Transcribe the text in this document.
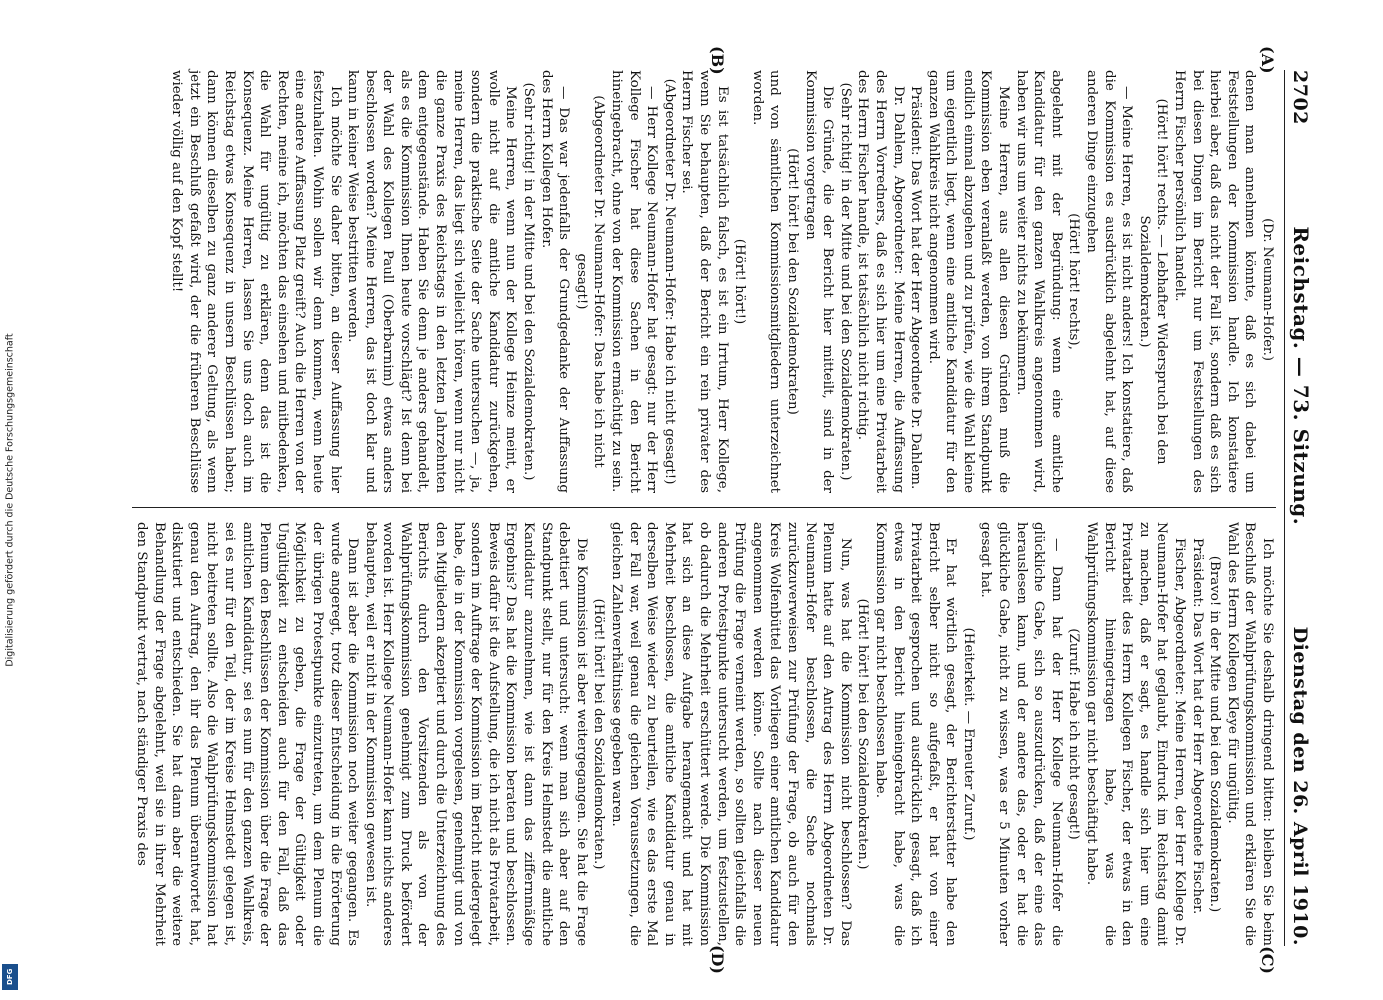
Digitalisierung gefördert durch die Deutsche Forschungsgemeinschaft
DFG
2702
Reichstag. — 73. Sitzung.
Dienstag den 26. April 1910.
(A)
(B)
(C)
(D)

(Dr. Neumann-Hofer.)

denen man annehmen könnte, daß es sich dabei um Feststellungen der Kommission handle. Ich konstatiere hierbei aber, daß das nicht der Fall ist, sondern daß es sich bei diesen Dingen im Bericht nur um Feststellungen des Herrn Fischer persönlich handelt.

(Hört! hört! rechts. — Lebhafter Widerspruch bei den Sozialdemokraten.)

— Meine Herren, es ist nicht anders! Ich konstatiere, daß die Kommission es ausdrücklich abgelehnt hat, auf diese anderen Dinge einzugehen

(Hört! hört! rechts),

abgelehnt mit der Begründung: wenn eine amtliche Kandidatur für den ganzen Wahlkreis angenommen wird, haben wir uns um weiter nichts zu bekümmern.

Meine Herren, aus allen diesen Gründen muß die Kommission eben veranlaßt werden, von ihrem Standpunkt endlich einmal abzugehen und zu prüfen, wie die Wahl kleine um eigentlich liegt, wenn eine amtliche Kandidatur für den ganzen Wahlkreis nicht angenommen wird.

Präsident: Das Wort hat der Herr Abgeordnete Dr. Dahlem.

Dr. Dahlem, Abgeordneter: Meine Herren, die Auffassung des Herrn Vorredners, daß es sich hier um eine Privatarbeit des Herrn Fischer handle, ist tatsächlich nicht richtig.

(Sehr richtig! in der Mitte und bei den Sozialdemokraten.)

Die Gründe, die der Bericht hier mitteilt, sind in der Kommission vorgetragen

(Hört! hört! bei den Sozialdemokraten)

und von sämtlichen Kommissionsmitgliedern unterzeichnet worden.

(Hört! hört!)

Es ist tatsächlich falsch, es ist ein Irrtum, Herr Kollege, wenn Sie behaupten, daß der Bericht ein rein privater des Herrn Fischer sei.

(Abgeordneter Dr. Neumann-Hofer: Habe ich nicht gesagt!)

— Herr Kollege Neumann-Hofer hat gesagt: nur der Herr Kollege Fischer hat diese Sachen in den Bericht hineingebracht, ohne von der Kommission ermächtigt zu sein.

(Abgeordneter Dr. Neumann-Hofer: Das habe ich nicht gesagt!)

— Das war jedenfalls der Grundgedanke der Auffassung des Herrn Kollegen Hofer.

(Sehr richtig! in der Mitte und bei den Sozialdemokraten.)

Meine Herren, wenn nun der Kollege Heinze meint, er wolle nicht auf die amtliche Kandidatur zurückgehen, sondern die praktische Seite der Sache untersuchen —, ja, meine Herren, das liegt sich vielleicht hören, wenn nur nicht die ganze Praxis des Reichstags in den letzten Jahrzehnten dem entgegenstände. Haben Sie denn je anders gehandelt, als es die Kommission Ihnen heute vorschlägt? Ist denn bei der Wahl des Kollegen Paull (Oberbarnim) etwas anders beschlossen worden? Meine Herren, das ist doch klar und kann in keiner Weise bestritten werden.

Ich möchte Sie daher bitten, an dieser Auffassung hier festzuhalten. Wohin sollen wir denn kommen, wenn heute eine andere Auffassung Platz greift? Auch die Herren von der Rechten, meine ich, möchten das einsehen und mitbedenken, die Wahl für ungültig zu erklären, denn das ist die Konsequenz. Meine Herren, lassen Sie uns doch auch im Reichstag etwas Konsequenz in unsern Beschlüssen haben; dann können dieselben zu ganz anderer Geltung, als wenn jetzt ein Beschluß gefaßt wird, der die früheren Beschlüsse wieder völlig auf den Kopf stellt!

Ich möchte Sie deshalb dringend bitten: bleiben Sie beim Beschluß der Wahlprüfungskommission und erklären Sie die Wahl des Herrn Kollegen Kleye für ungültig.

(Bravo! in der Mitte und bei den Sozialdemokraten.)

Präsident: Das Wort hat der Herr Abgeordnete Fischer.

Fischer, Abgeordneter: Meine Herren, der Herr Kollege Dr. Neumann-Hofer hat geglaubt, Eindruck im Reichstag damit zu machen, daß er sagt, es handle sich hier um eine Privatarbeit des Herrn Kollegen Fischer, der etwas in den Bericht hineingetragen habe, was die Wahlprüfungskommission gar nicht beschäftigt habe.

(Zuruf: Habe ich nicht gesagt!)

— Dann hat der Herr Kollege Neumann-Hofer die glückliche Gabe, sich so auszudrücken, daß der eine das herauslesen kann, und der andere das, oder er hat die glückliche Gabe, nicht zu wissen, was er 5 Minuten vorher gesagt hat.

(Heiterkeit. — Erneuter Zuruf.)

Er hat wörtlich gesagt, der Berichterstatter habe den Bericht selber nicht so aufgefaßt, er hat von einer Privatarbeit gesprochen und ausdrücklich gesagt, daß ich etwas in den Bericht hineingebracht habe, was die Kommission gar nicht beschlossen habe.

(Hört! hört! bei den Sozialdemokraten.)

Nun, was hat die Kommission nicht beschlossen? Das Plenum hatte auf den Antrag des Herrn Abgeordneten Dr. Neumann-Hofer beschlossen, die Sache nochmals zurückzuverweisen zur Prüfung der Frage, ob auch für den Kreis Wolfenbüttel das Vorliegen einer amtlichen Kandidatur angenommen werden könne. Sollte nach dieser neuen Prüfung die Frage verneint werden, so sollten gleichfalls die anderen Protestpunkte untersucht werden, um festzustellen, ob dadurch die Mehrheit erschüttert werde. Die Kommission hat sich an diese Aufgabe herangemacht und hat mit Mehrheit beschlossen, die amtliche Kandidatur genau in derselben Weise wieder zu beurteilen, wie es das erste Mal der Fall war, weil genau die gleichen Voraussetzungen, die gleichen Zahlenverhältnisse gegeben waren.

(Hört! hört! bei den Sozialdemokraten.)

Die Kommission ist aber weitergegangen. Sie hat die Frage debattiert und untersucht: wenn man sich aber auf den Standpunkt stellt, nur für den Kreis Helmstedt die amtliche Kandidatur anzunehmen, wie ist dann das ziffernmäßige Ergebnis? Das hat die Kommission beraten und beschlossen. Beweis dafür ist die Aufstellung, die ich nicht als Privatarbeit, sondern im Auftrage der Kommission im Bericht niedergelegt habe, die in der Kommission vorgelesen, genehmigt und von den Mitgliedern akzeptiert und durch die Unterzeichnung des Berichts durch den Vorsitzenden als von der Wahlprüfungskommission genehmigt zum Druck befördert worden ist. Herr Kollege Neumann-Hofer kann nichts anderes behaupten, weil er nicht in der Kommission gewesen ist.

Dann ist aber die Kommission noch weiter gegangen. Es wurde angeregt, trotz dieser Entscheidung in die Erörterung der übrigen Protestpunkte einzutreten, um dem Plenum die Möglichkeit zu geben, die Frage der Gültigkeit oder Ungültigkeit zu entscheiden auch für den Fall, daß das Plenum den Beschlüssen der Kommission über die Frage der amtlichen Kandidatur, sei es nun für den ganzen Wahlkreis, sei es nur für den Teil, der im Kreise Helmstedt gelegen ist, nicht beitreten sollte. Also die Wahlprüfungskommission hat genau den Auftrag, den ihr das Plenum überantwortet hat, diskutiert und entschieden. Sie hat dann aber die weitere Behandlung der Frage abgelehnt, weil sie in ihrer Mehrheit den Standpunkt vertrat, nach ständiger Praxis des
